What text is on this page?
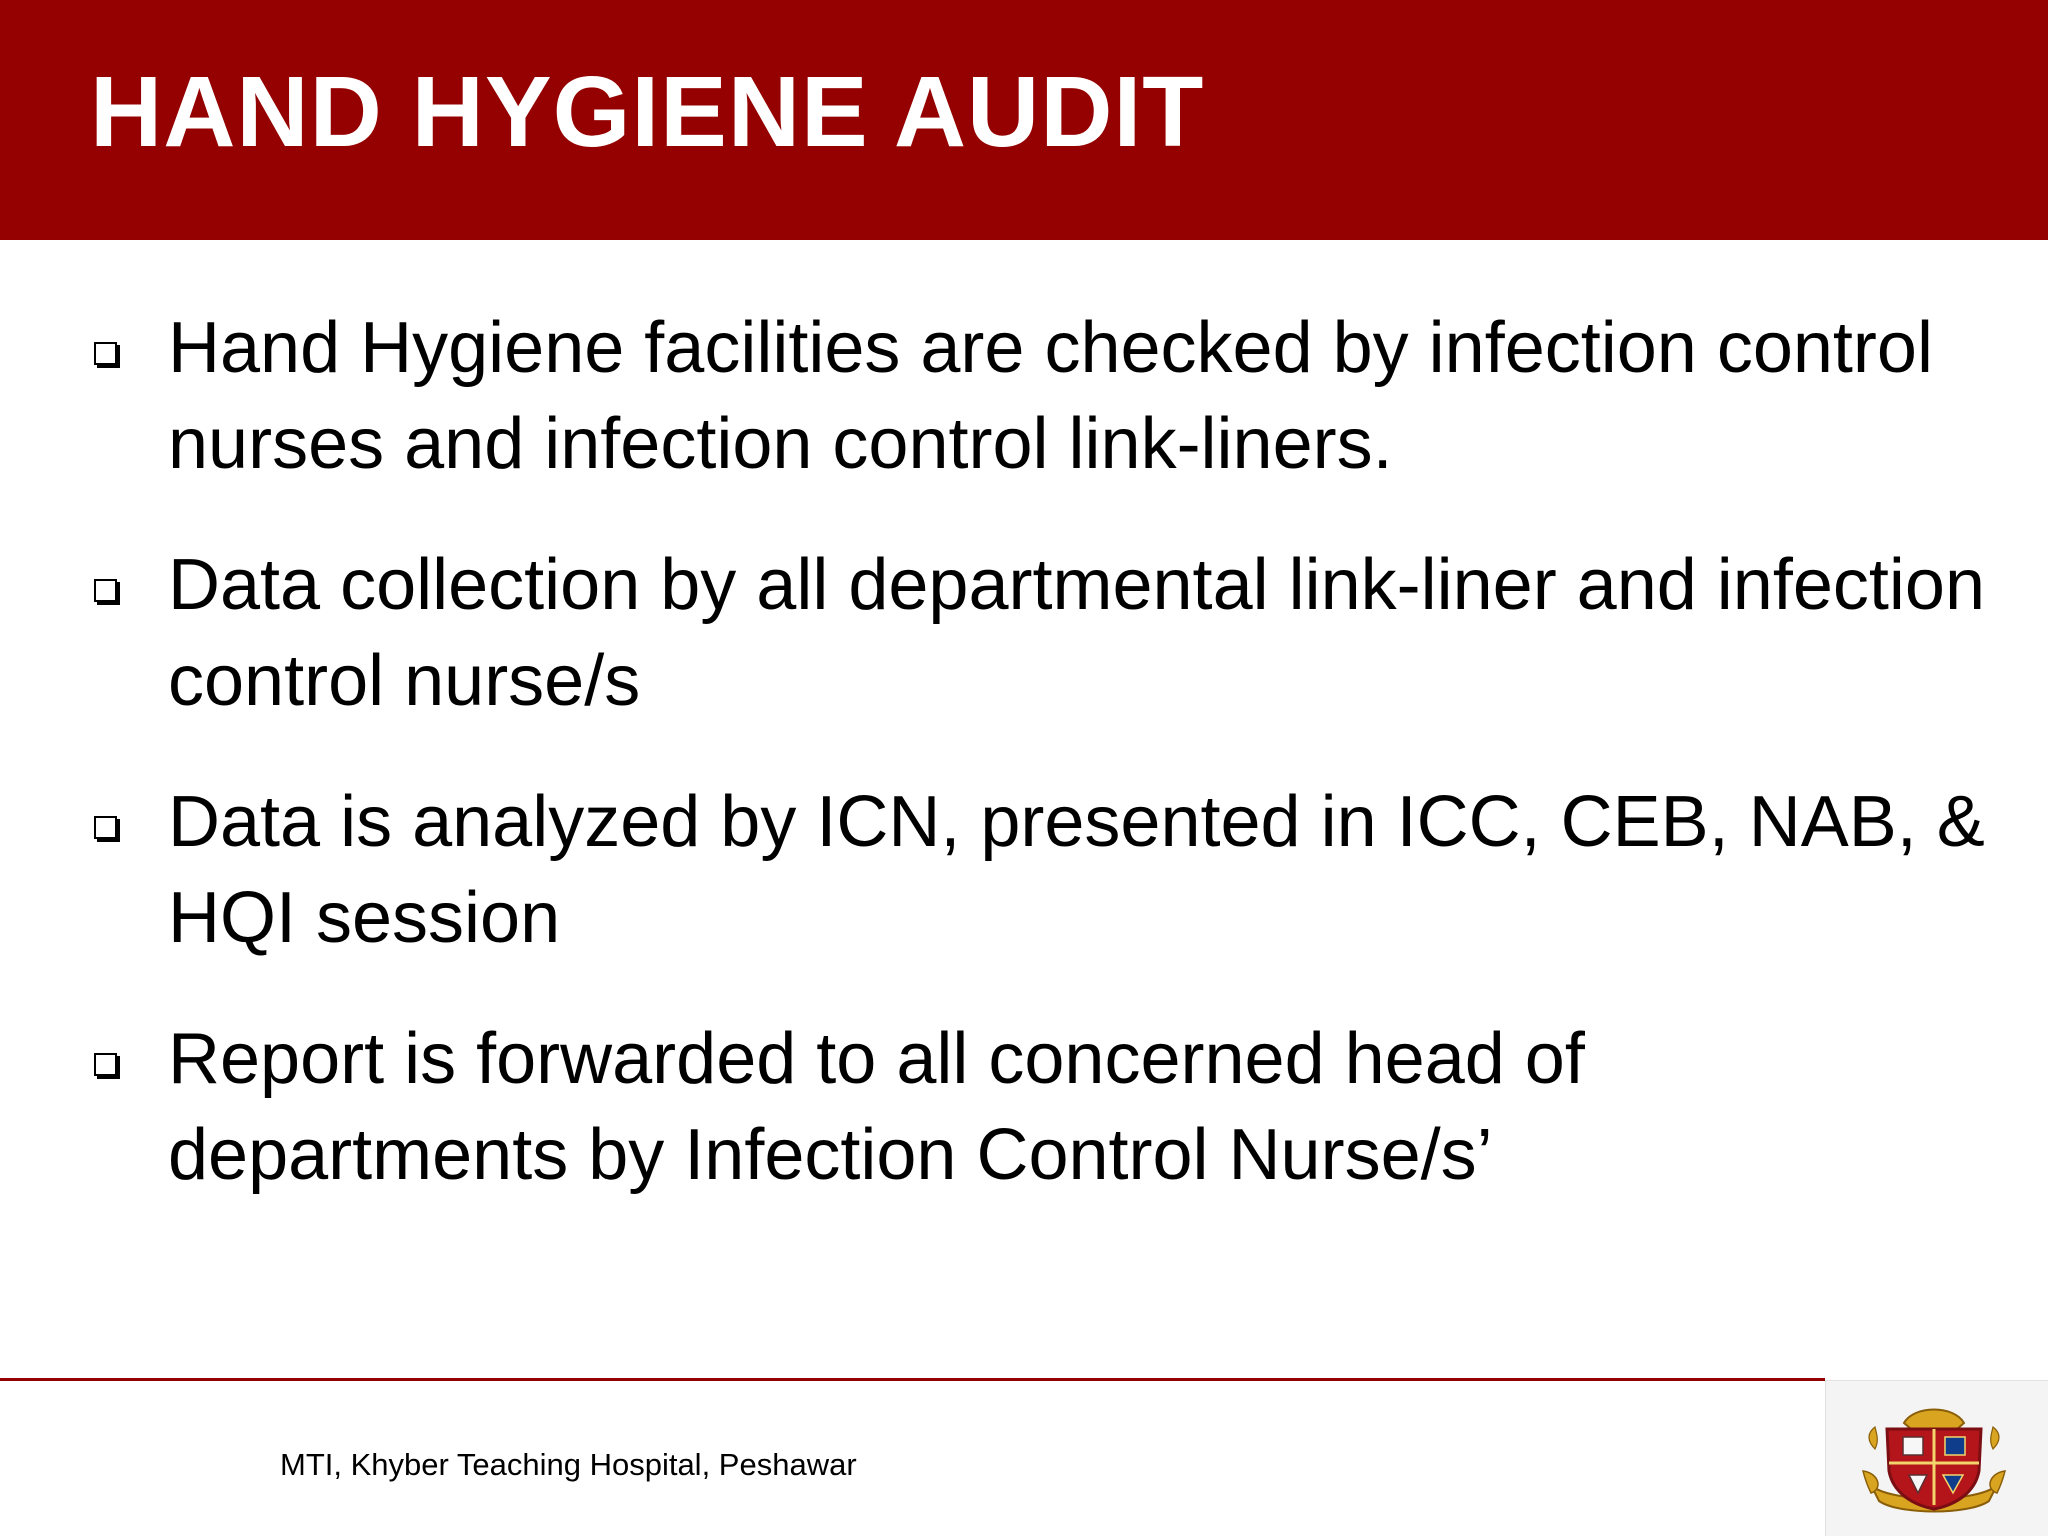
HAND HYGIENE AUDIT
Hand Hygiene facilities are checked by infection control nurses and infection control link-liners.
Data collection by all departmental link-liner and infection control nurse/s
Data is analyzed by ICN, presented in ICC, CEB, NAB, & HQI session
Report is forwarded to all concerned head of departments by Infection Control Nurse/s’
MTI, Khyber Teaching Hospital, Peshawar
